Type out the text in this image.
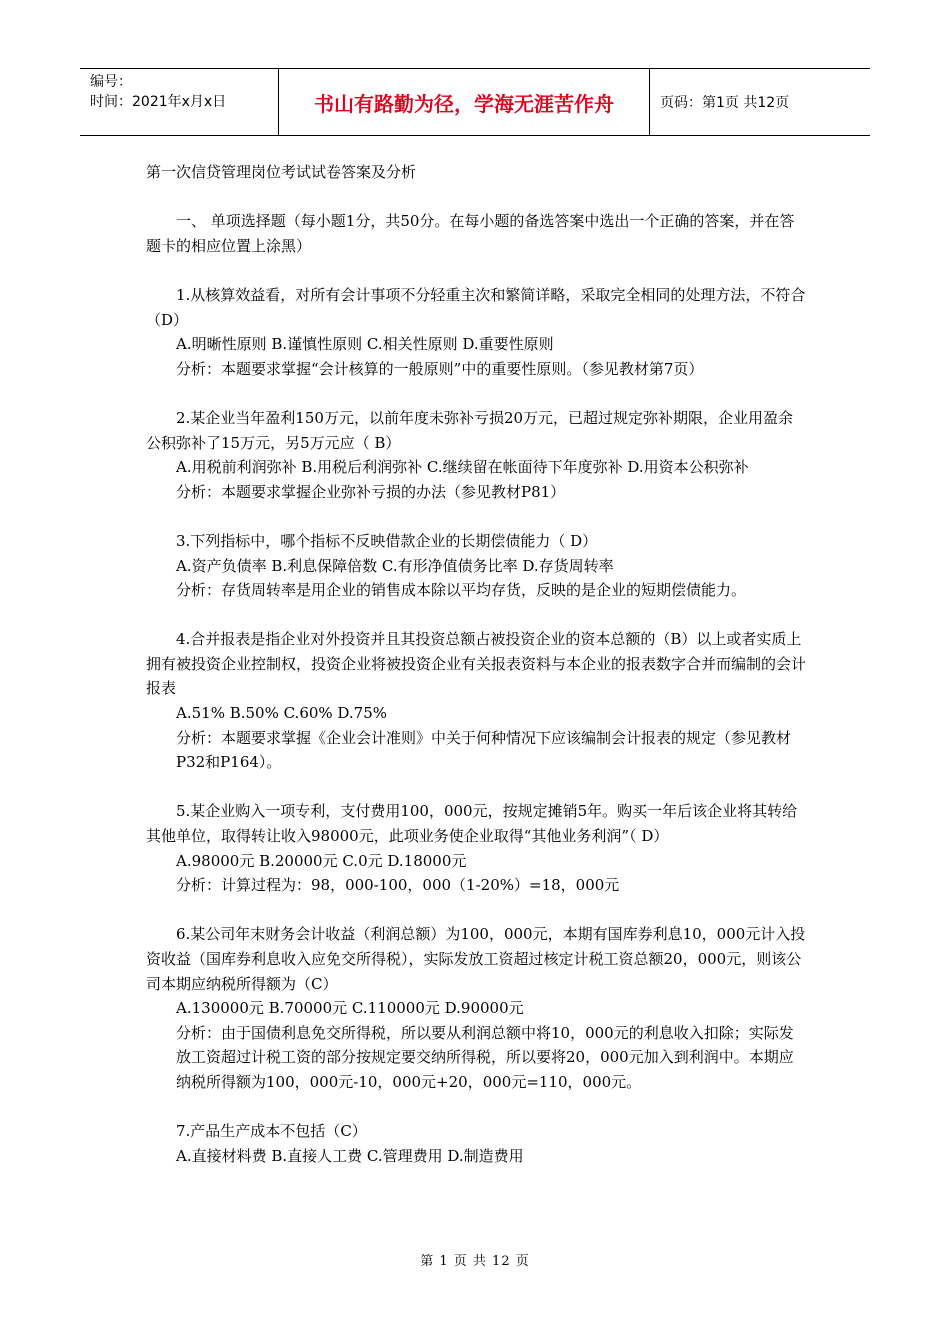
编号：
时间：2021年x月x日	书山有路勤为径，学海无涯苦作舟	页码：第1页 共12页

第一次信贷管理岗位考试试卷答案及分析

一、 单项选择题（每小题1分，共50分。在每小题的备选答案中选出一个正确的答案，并在答题卡的相应位置上涂黑）

1.从核算效益看，对所有会计事项不分轻重主次和繁简详略，采取完全相同的处理方法，不符合（D）

A.明晰性原则 B.谨慎性原则 C.相关性原则 D.重要性原则

分析：本题要求掌握“会计核算的一般原则”中的重要性原则。（参见教材第7页）

2.某企业当年盈利150万元，以前年度未弥补亏损20万元，已超过规定弥补期限，企业用盈余公积弥补了15万元，另5万元应（ B）

A.用税前利润弥补 B.用税后利润弥补 C.继续留在帐面待下年度弥补 D.用资本公积弥补

分析：本题要求掌握企业弥补亏损的办法（参见教材P81）

3.下列指标中，哪个指标不反映借款企业的长期偿债能力（ D）

A.资产负债率 B.利息保障倍数 C.有形净值债务比率 D.存货周转率

分析：存货周转率是用企业的销售成本除以平均存货，反映的是企业的短期偿债能力。

4.合并报表是指企业对外投资并且其投资总额占被投资企业的资本总额的（B）以上或者实质上拥有被投资企业控制权，投资企业将被投资企业有关报表资料与本企业的报表数字合并而编制的会计报表

A.51% B.50% C.60% D.75%

分析：本题要求掌握《企业会计准则》中关于何种情况下应该编制会计报表的规定（参见教材P32和P164）。

5.某企业购入一项专利，支付费用100，000元，按规定摊销5年。购买一年后该企业将其转给其他单位，取得转让收入98000元，此项业务使企业取得“其他业务利润”（ D）

A.98000元 B.20000元 C.0元 D.18000元

分析：计算过程为：98，000-100，000（1-20%）=18，000元

6.某公司年末财务会计收益（利润总额）为100，000元，本期有国库券利息10，000元计入投资收益（国库券利息收入应免交所得税），实际发放工资超过核定计税工资总额20，000元，则该公司本期应纳税所得额为（C）

A.130000元 B.70000元 C.110000元 D.90000元

分析：由于国债利息免交所得税，所以要从利润总额中将10，000元的利息收入扣除；实际发放工资超过计税工资的部分按规定要交纳所得税，所以要将20，000元加入到利润中。本期应纳税所得额为100，000元-10，000元+20，000元=110，000元。

7.产品生产成本不包括（C）

A.直接材料费 B.直接人工费 C.管理费用 D.制造费用

第 1 页 共 12 页
